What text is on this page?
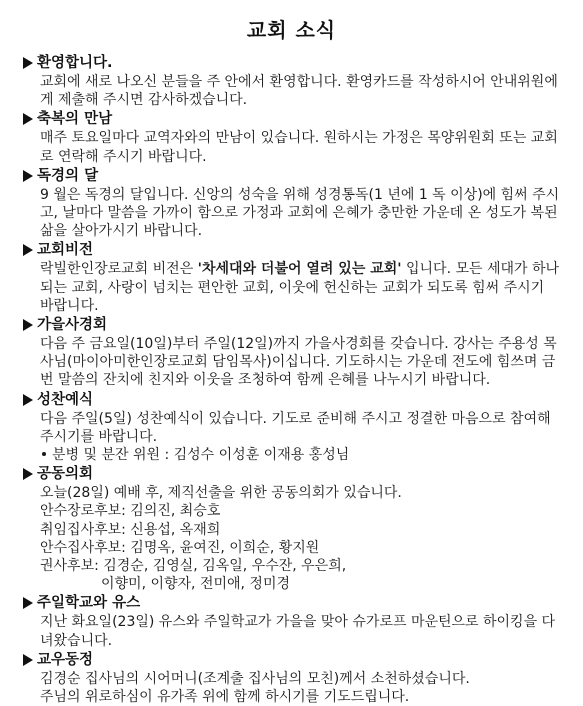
교회 소식
환영합니다.

교회에 새로 나오신 분들을 주 안에서 환영합니다. 환영카드를 작성하시어 안내위원에게 제출해 주시면 감사하겠습니다.

축복의 만남

매주 토요일마다 교역자와의 만남이 있습니다. 원하시는 가정은 목양위원회 또는 교회로 연락해 주시기 바랍니다.

독경의 달

9 월은 독경의 달입니다. 신앙의 성숙을 위해 성경통독(1 년에 1 독 이상)에 힘써 주시고, 날마다 말씀을 가까이 함으로 가정과 교회에 은혜가 충만한 가운데 온 성도가 복된 삶을 살아가시기 바랍니다.

교회비전

락빌한인장로교회 비전은 '차세대와 더불어 열려 있는 교회' 입니다. 모든 세대가 하나되는 교회, 사랑이 넘치는 편안한 교회, 이웃에 헌신하는 교회가 되도록 힘써 주시기 바랍니다.

가을사경회

다음 주 금요일(10일)부터 주일(12일)까지 가을사경회를 갖습니다. 강사는 주용성 목사님(마이아미한인장로교회 담임목사)이십니다. 기도하시는 가운데 전도에 힘쓰며 금번 말씀의 잔치에 친지와 이웃을 조청하여 함께 은혜를 나누시기 바랍니다.

성찬예식

다음 주일(5일) 성찬예식이 있습니다. 기도로 준비해 주시고 정결한 마음으로 참여해 주시기를 바랍니다.

분병 및 분잔 위원 : 김성수 이성훈 이재용 홍성님

공동의회

오늘(28일) 예배 후, 제직선출을 위한 공동의회가 있습니다.

안수장로후보: 김의진, 최승호

취임집사후보: 신용섭, 옥재희

안수집사후보: 김명옥, 윤여진, 이희순, 황지원

권사후보: 김경순, 김영실, 김옥일, 우수잔, 우은희,

이향미, 이향자, 전미애, 정미경

주일학교와 유스

지난 화요일(23일) 유스와 주일학교가 가을을 맞아 슈가로프 마운틴으로 하이킹을 다녀왔습니다.

교우동정

김경순 집사님의 시어머니(조계출 집사님의 모친)께서 소천하셨습니다.

주님의 위로하심이 유가족 위에 함께 하시기를 기도드립니다.
